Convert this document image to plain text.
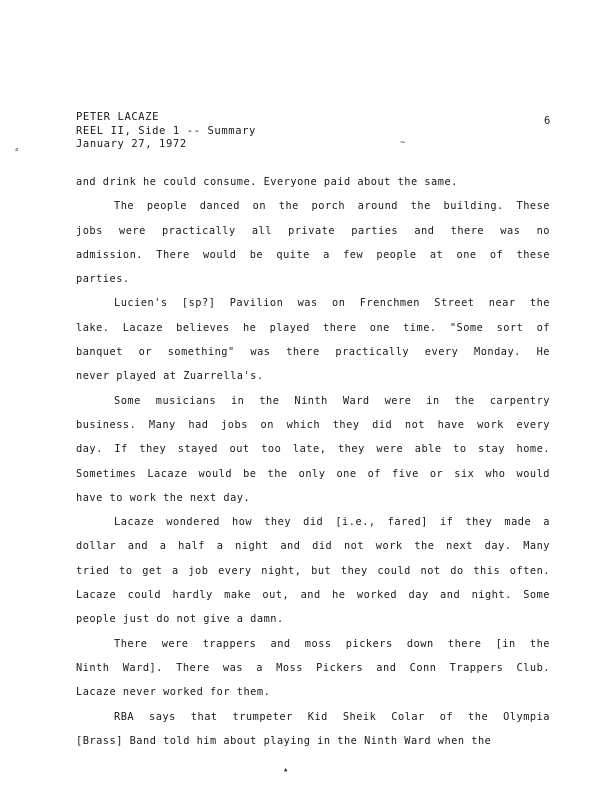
⸗
~
▴
PETER LACAZE
REEL II, Side 1 -- Summary
January 27, 1972
6
and drink he could consume. Everyone paid about the same.
The people danced on the porch around the building. These
jobs were practically all private parties and there was no
admission. There would be quite a few people at one of these
parties.
Lucien's [sp?] Pavilion was on Frenchmen Street near the
lake. Lacaze believes he played there one time. "Some sort of
banquet or something" was there practically every Monday. He
never played at Zuarrella's.
Some musicians in the Ninth Ward were in the carpentry
business. Many had jobs on which they did not have work every
day. If they stayed out too late, they were able to stay home.
Sometimes Lacaze would be the only one of five or six who would
have to work the next day.
Lacaze wondered how they did [i.e., fared] if they made a
dollar and a half a night and did not work the next day. Many
tried to get a job every night, but they could not do this often.
Lacaze could hardly make out, and he worked day and night. Some
people just do not give a damn.
There were trappers and moss pickers down there [in the
Ninth Ward]. There was a Moss Pickers and Conn Trappers Club.
Lacaze never worked for them.
RBA says that trumpeter Kid Sheik Colar of the Olympia
[Brass] Band told him about playing in the Ninth Ward when the
